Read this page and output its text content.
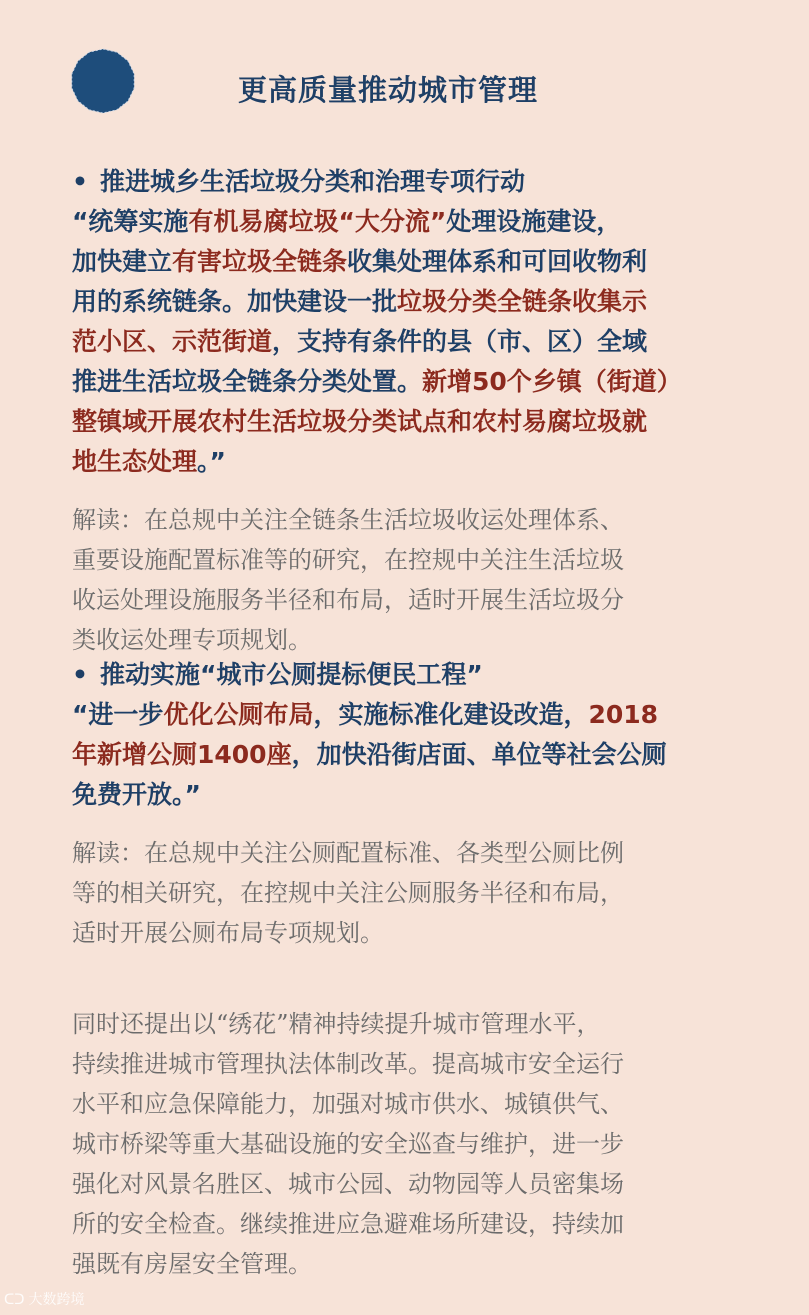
更高质量推动城市管理
• 推进城乡生活垃圾分类和治理专项行动
“统筹实施有机易腐垃圾“大分流”处理设施建设，
加快建立有害垃圾全链条收集处理体系和可回收物利
用的系统链条。加快建设一批垃圾分类全链条收集示
范小区、示范街道，支持有条件的县（市、区）全域
推进生活垃圾全链条分类处置。新增50个乡镇（街道）
整镇域开展农村生活垃圾分类试点和农村易腐垃圾就
地生态处理。”
解读：在总规中关注全链条生活垃圾收运处理体系、
重要设施配置标准等的研究，在控规中关注生活垃圾
收运处理设施服务半径和布局，适时开展生活垃圾分
类收运处理专项规划。
• 推动实施“城市公厕提标便民工程”
“进一步优化公厕布局，实施标准化建设改造，2018
年新增公厕1400座，加快沿街店面、单位等社会公厕
免费开放。”
解读：在总规中关注公厕配置标准、各类型公厕比例
等的相关研究，在控规中关注公厕服务半径和布局，
适时开展公厕布局专项规划。
同时还提出以“绣花”精神持续提升城市管理水平，
持续推进城市管理执法体制改革。提高城市安全运行
水平和应急保障能力，加强对城市供水、城镇供气、
城市桥梁等重大基础设施的安全巡查与维护，进一步
强化对风景名胜区、城市公园、动物园等人员密集场
所的安全检查。继续推进应急避难场所建设，持续加
强既有房屋安全管理。
ᑕᑐ 大数跨境
